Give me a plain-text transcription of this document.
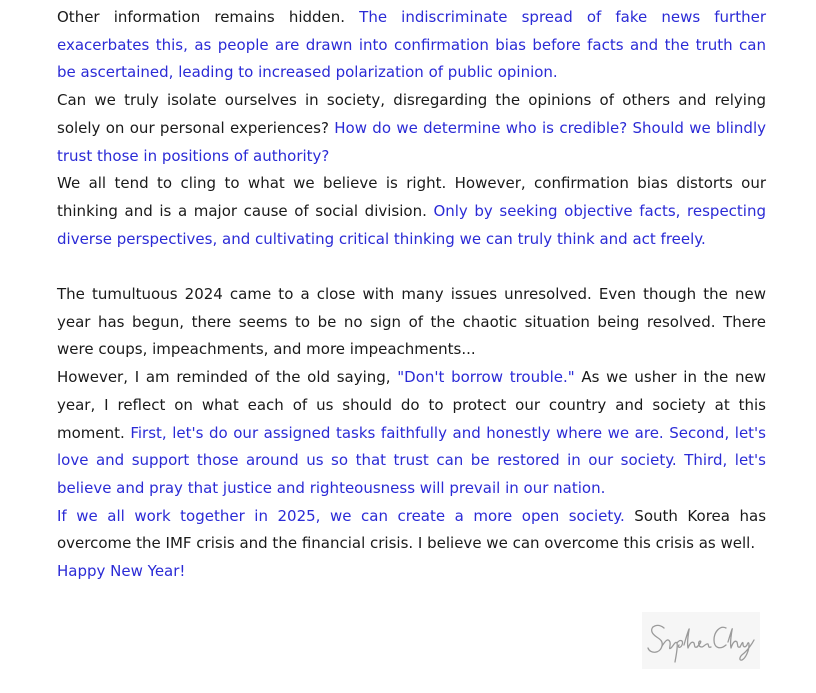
Other information remains hidden. The indiscriminate spread of fake news further exacerbates this, as people are drawn into confirmation bias before facts and the truth can be ascertained, leading to increased polarization of public opinion.

Can we truly isolate ourselves in society, disregarding the opinions of others and relying solely on our personal experiences? How do we determine who is credible? Should we blindly trust those in positions of authority?

We all tend to cling to what we believe is right. However, confirmation bias distorts our thinking and is a major cause of social division. Only by seeking objective facts, respecting diverse perspectives, and cultivating critical thinking we can truly think and act freely.

The tumultuous 2024 came to a close with many issues unresolved. Even though the new year has begun, there seems to be no sign of the chaotic situation being resolved. There were coups, impeachments, and more impeachments...

However, I am reminded of the old saying, "Don't borrow trouble." As we usher in the new year, I reflect on what each of us should do to protect our country and society at this moment. First, let's do our assigned tasks faithfully and honestly where we are. Second, let's love and support those around us so that trust can be restored in our society. Third, let's believe and pray that justice and righteousness will prevail in our nation.

If we all work together in 2025, we can create a more open society. South Korea has overcome the IMF crisis and the financial crisis. I believe we can overcome this crisis as well.

Happy New Year!
